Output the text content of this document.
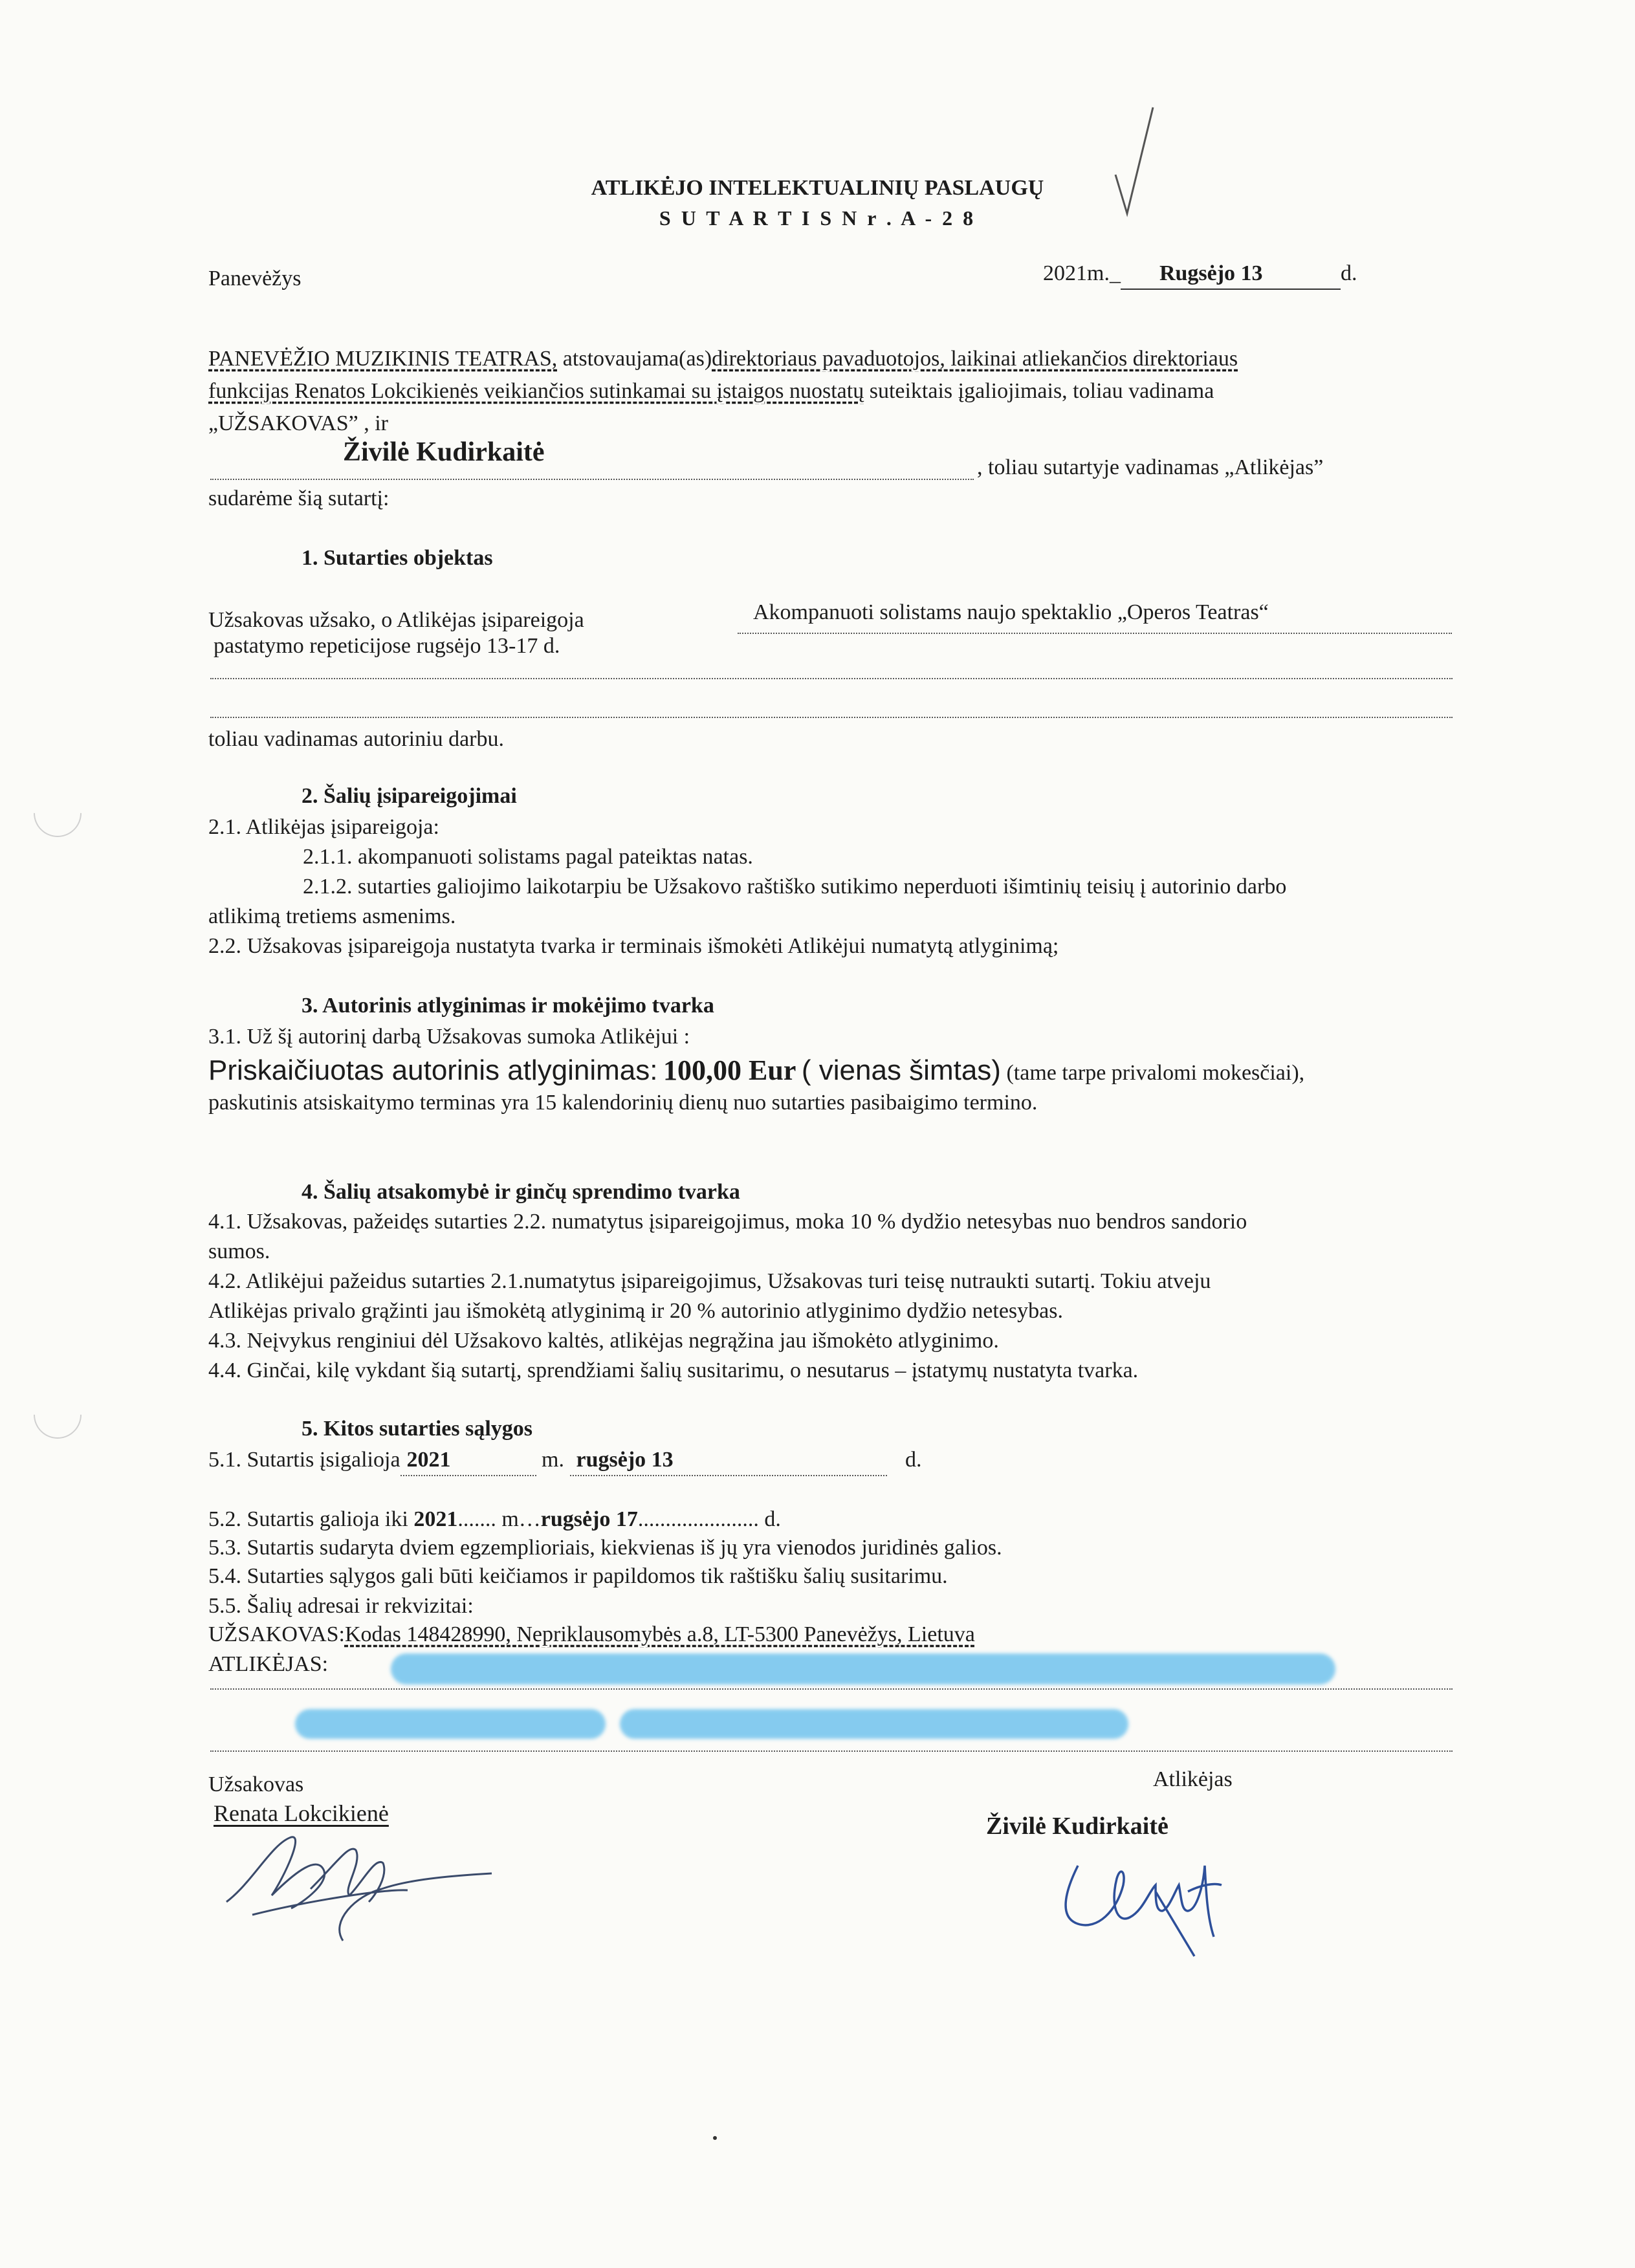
ATLIKĖJO INTELEKTUALINIŲ PASLAUGŲ
S U T A R T I S N r . A - 2 8
Panevėžys	2021m._ Rugsėjo 13	d.
PANEVĖŽIO MUZIKINIS TEATRAS, atstovaujama(as)direktoriaus pavaduotojos, laikinai atliekančios direktoriaus
funkcijas Renatos Lokcikienės veikiančios sutinkamai su įstaigos nuostatų suteiktais įgaliojimais, toliau vadinama
„UŽSAKOVAS” , ir
Živilė Kudirkaitė
, toliau sutartyje vadinamas „Atlikėjas”
sudarėme šią sutartį:
1. Sutarties objektas
Užsakovas užsako, o Atlikėjas įsipareigoja
pastatymo repeticijose rugsėjo 13-17 d.
Akompanuoti solistams naujo spektaklio „Operos Teatras“
toliau vadinamas autoriniu darbu.
2. Šalių įsipareigojimai
2.1. Atlikėjas įsipareigoja:
2.1.1. akompanuoti solistams pagal pateiktas natas.
2.1.2. sutarties galiojimo laikotarpiu be Užsakovo raštiško sutikimo neperduoti išimtinių teisių į autorinio darbo
atlikimą tretiems asmenims.
2.2. Užsakovas įsipareigoja nustatyta tvarka ir terminais išmokėti Atlikėjui numatytą atlyginimą;
3. Autorinis atlyginimas ir mokėjimo tvarka
3.1. Už šį autorinį darbą Užsakovas sumoka Atlikėjui :
Priskaičiuotas autorinis atlyginimas: 100,00 Eur ( vienas šimtas) (tame tarpe privalomi mokesčiai),
paskutinis atsiskaitymo terminas yra 15 kalendorinių dienų nuo sutarties pasibaigimo termino.
4. Šalių atsakomybė ir ginčų sprendimo tvarka
4.1. Užsakovas, pažeidęs sutarties 2.2. numatytus įsipareigojimus, moka 10 % dydžio netesybas nuo bendros sandorio
sumos.
4.2. Atlikėjui pažeidus sutarties 2.1.numatytus įsipareigojimus, Užsakovas turi teisę nutraukti sutartį. Tokiu atveju
Atlikėjas privalo grąžinti jau išmokėtą atlyginimą ir 20 % autorinio atlyginimo dydžio netesybas.
4.3. Neįvykus renginiui dėl Užsakovo kaltės, atlikėjas negrąžina jau išmokėto atlyginimo.
4.4. Ginčai, kilę vykdant šią sutartį, sprendžiami šalių susitarimu, o nesutarus – įstatymų nustatyta tvarka.
5. Kitos sutarties sąlygos
5.1. Sutartis įsigalioja 2021	m. rugsėjo 13	d.
5.2. Sutartis galioja iki 2021....... m…rugsėjo 17...................... d.
5.3. Sutartis sudaryta dviem egzemplioriais, kiekvienas iš jų yra vienodos juridinės galios.
5.4. Sutarties sąlygos gali būti keičiamos ir papildomos tik raštišku šalių susitarimu.
5.5. Šalių adresai ir rekvizitai:
UŽSAKOVAS:Kodas 148428990, Nepriklausomybės a.8, LT-5300 Panevėžys, Lietuva
ATLIKĖJAS:
Užsakovas	Atlikėjas
Renata Lokcikienė	Živilė Kudirkaitė
